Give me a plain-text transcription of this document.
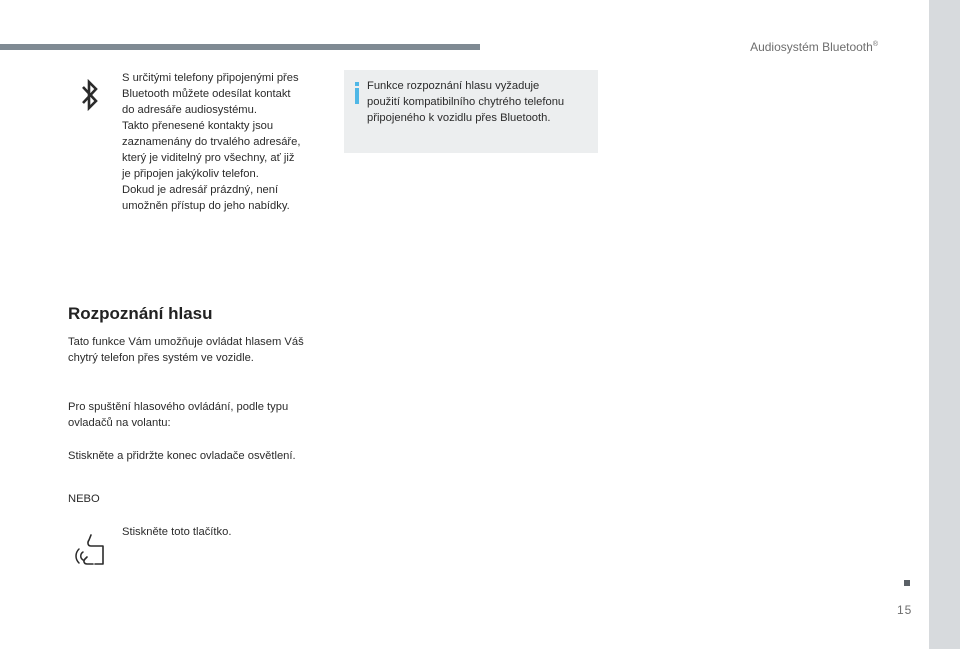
Audiosystém Bluetooth®
S určitými telefony připojenými přes
Bluetooth můžete odesílat kontakt
do adresáře audiosystému.
Takto přenesené kontakty jsou
zaznamenány do trvalého adresáře,
který je viditelný pro všechny, ať již
je připojen jakýkoliv telefon.
Dokud je adresář prázdný, není
umožněn přístup do jeho nabídky.
Funkce rozpoznání hlasu vyžaduje
použití kompatibilního chytrého telefonu
připojeného k vozidlu přes Bluetooth.
Rozpoznání hlasu
Tato funkce Vám umožňuje ovládat hlasem Váš
chytrý telefon přes systém ve vozidle.
Pro spuštění hlasového ovládání, podle typu
ovladačů na volantu:
Stiskněte a přidržte konec ovladače osvětlení.
NEBO
Stiskněte toto tlačítko.
15
